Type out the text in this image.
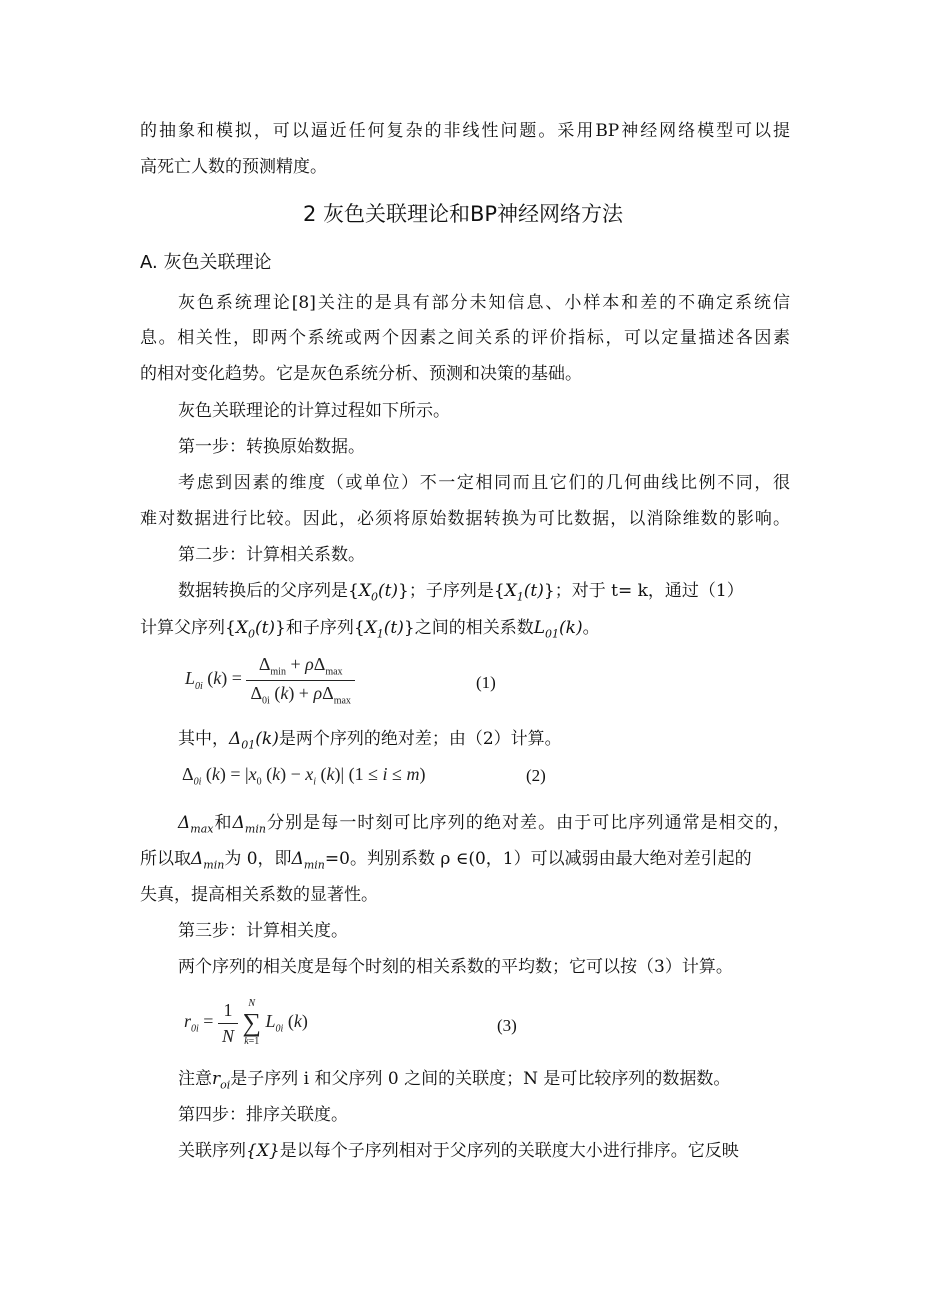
的抽象和模拟，可以逼近任何复杂的非线性问题。采用BP神经网络模型可以提
高死亡人数的预测精度。
2 灰色关联理论和BP神经网络方法
A. 灰色关联理论
灰色系统理论[8]关注的是具有部分未知信息、小样本和差的不确定系统信
息。相关性，即两个系统或两个因素之间关系的评价指标，可以定量描述各因素
的相对变化趋势。它是灰色系统分析、预测和决策的基础。
灰色关联理论的计算过程如下所示。
第一步：转换原始数据。
考虑到因素的维度（或单位）不一定相同而且它们的几何曲线比例不同，很
难对数据进行比较。因此，必须将原始数据转换为可比数据，以消除维数的影响。
第二步：计算相关系数。
数据转换后的父序列是$\{X_0(t)\}$；子序列是$\{X_1(t)\}$；对于 t= k，通过（1）
计算父序列$\{X_0(t)\}$和子序列$\{X_1(t)\}$之间的相关系数$L_{01}(k)$。
$L_{0i}$ $(k) = \frac{\Delta_{min} + \rho\Delta_{max}}{\Delta_{0i} (k) + \rho\Delta_{max}}$	(1)
其中，$\Delta_{01}(k)$是两个序列的绝对差；由（2）计算。
$\Delta_{0i}$ $(k) = |x_0$ $(k) - x_i$ (k)| (1 ≤ i ≤ m)	(2)
$\Delta_{max}$和$\Delta_{min}$分别是每一时刻可比序列的绝对差。由于可比序列通常是相交的，
所以取$\Delta_{min}$为 0，即$\Delta_{min}=0$。判别系数 ρ ∈(0，1）可以减弱由最大绝对差引起的
失真，提高相关系数的显著性。
第三步：计算相关度。
两个序列的相关度是每个时刻的相关系数的平均数；它可以按（3）计算。
$r_{0i} = \frac{1}{N}$
	N
∑
k=1
$L_{0i}$ (k)	(3)
注意$r_{oi}$是子序列 i 和父序列 0 之间的关联度；N 是可比较序列的数据数。
第四步：排序关联度。
关联序列{X}是以每个子序列相对于父序列的关联度大小进行排序。它反映
